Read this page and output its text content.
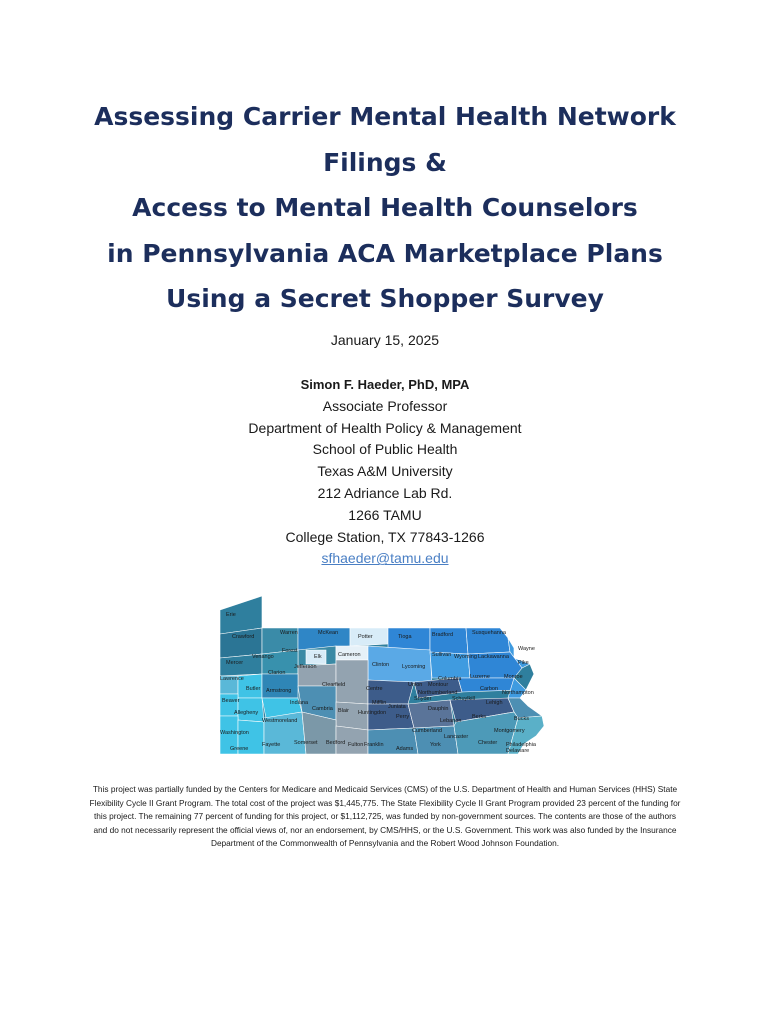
Assessing Carrier Mental Health Network
Filings &
Access to Mental Health Counselors
in Pennsylvania ACA Marketplace Plans
Using a Secret Shopper Survey
January 15, 2025
Simon F. Haeder, PhD, MPA
Associate Professor
Department of Health Policy & Management
School of Public Health
Texas A&M University
212 Adriance Lab Rd.
1266 TAMU
College Station, TX 77843-1266
sfhaeder@tamu.edu
Erie
Crawford
Warren	McKean
Potter	Tioga	Bradford	Susquehanna
Wayne
Forest
Elk	Cameron
Mercer
Venango
Clarion
Jefferson	Clinton Lycoming
Sullivan Wyoming Lackawanna
Pike
Lawrence
Butler Armstrong
Clearfield
Centre
Union Montour
Columbia Luzerne	Monroe
Carbon
Beaver	Indiana
Northumberland
Snyder	Schuylkill
Northampton
Lehigh
Allegheny
Cambria Blair Huntingdon
Mifflin
Juniata
Perry
Dauphin
Lebanon
Berks	Bucks
Westmoreland
Washington
Somerset Bedford Fulton Franklin
Cumberland
Adams
York
Lancaster
Chester
Montgomery
Philadelphia
Delaware
Greene
Fayette
This project was partially funded by the Centers for Medicare and Medicaid Services (CMS) of the U.S. Department of Health and Human Services (HHS) State Flexibility Cycle II Grant Program. The total cost of the project was $1,445,775. The State Flexibility Cycle II Grant Program provided 23 percent of the funding for this project. The remaining 77 percent of funding for this project, or $1,112,725, was funded by non-government sources. The contents are those of the authors and do not necessarily represent the official views of, nor an endorsement, by CMS/HHS, or the U.S. Government. This work was also funded by the Insurance Department of the Commonwealth of Pennsylvania and the Robert Wood Johnson Foundation.
